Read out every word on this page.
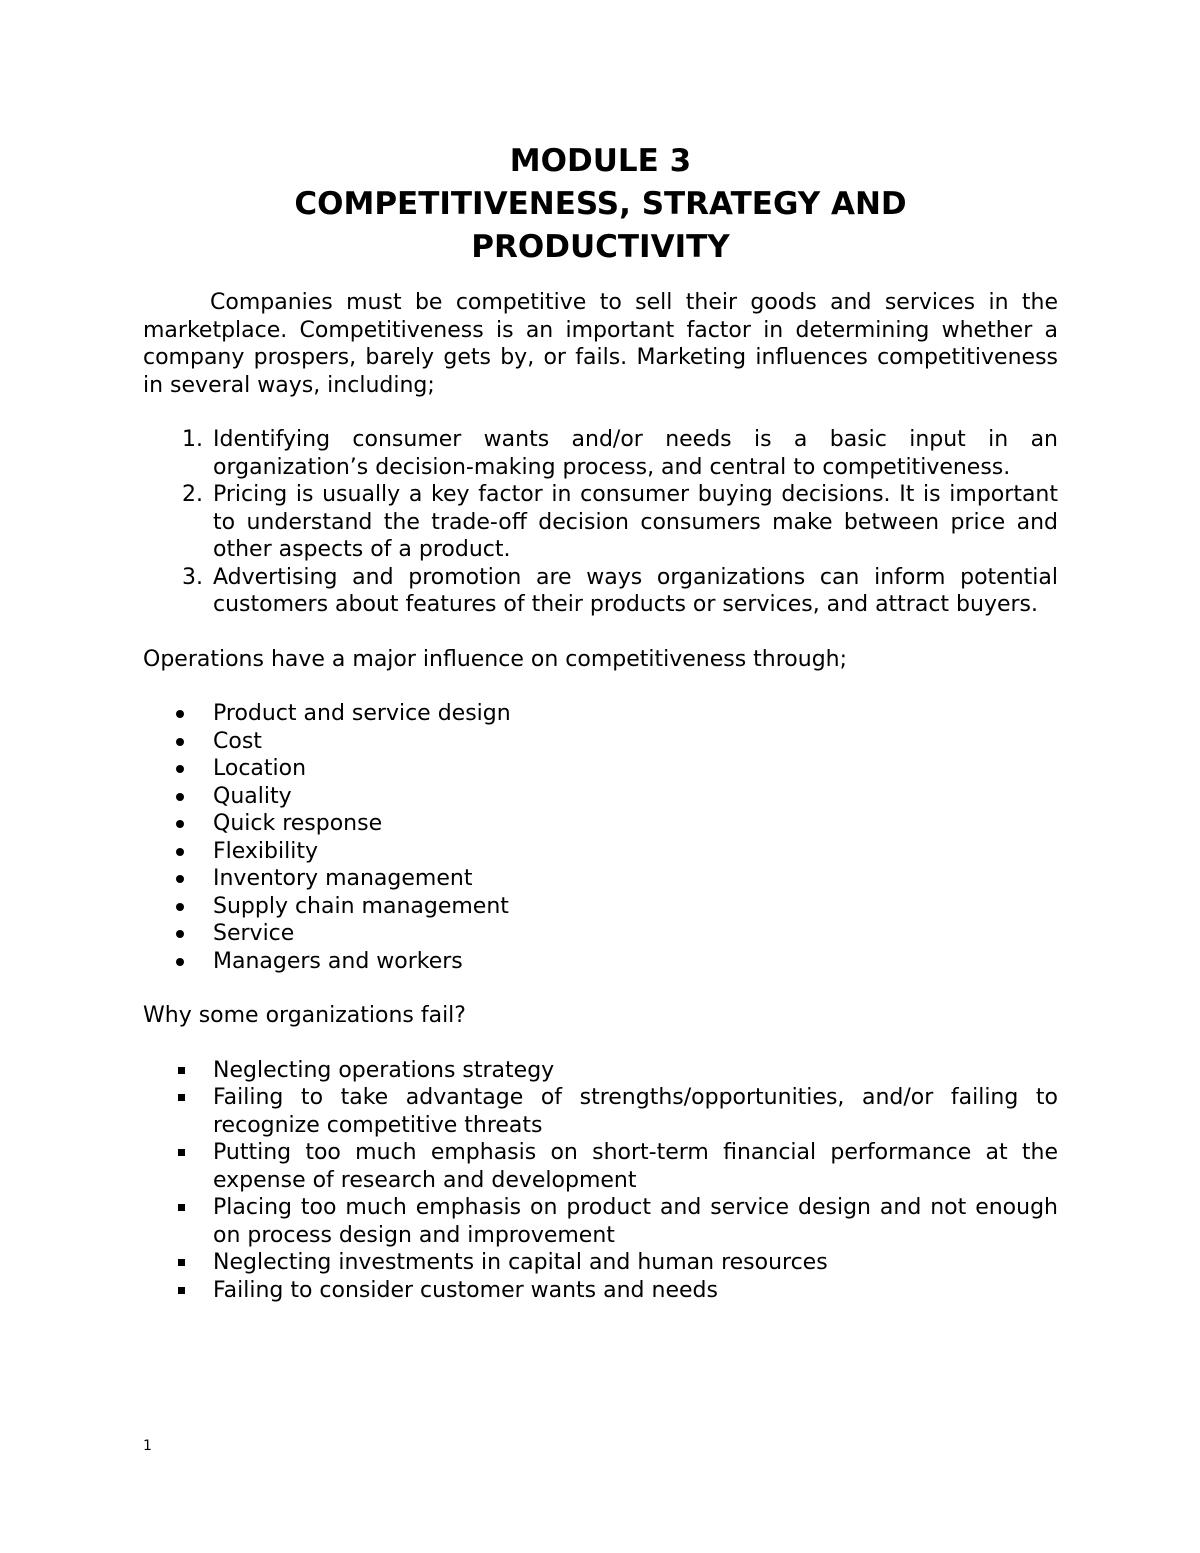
MODULE 3

COMPETITIVENESS, STRATEGY AND

PRODUCTIVITY

Companies must be competitive to sell their goods and services in the marketplace. Competitiveness is an important factor in determining whether a company prospers, barely gets by, or fails. Marketing influences competitiveness in several ways, including;

1. Identifying consumer wants and/or needs is a basic input in an organization’s decision-making process, and central to competitiveness.
2. Pricing is usually a key factor in consumer buying decisions. It is important to understand the trade-off decision consumers make between price and other aspects of a product.
3. Advertising and promotion are ways organizations can inform potential customers about features of their products or services, and attract buyers.

Operations have a major influence on competitiveness through;

Product and service design
Cost
Location
Quality
Quick response
Flexibility
Inventory management
Supply chain management
Service
Managers and workers

Why some organizations fail?

Neglecting operations strategy
Failing to take advantage of strengths/opportunities, and/or failing to recognize competitive threats
Putting too much emphasis on short-term financial performance at the expense of research and development
Placing too much emphasis on product and service design and not enough on process design and improvement
Neglecting investments in capital and human resources
Failing to consider customer wants and needs
1
